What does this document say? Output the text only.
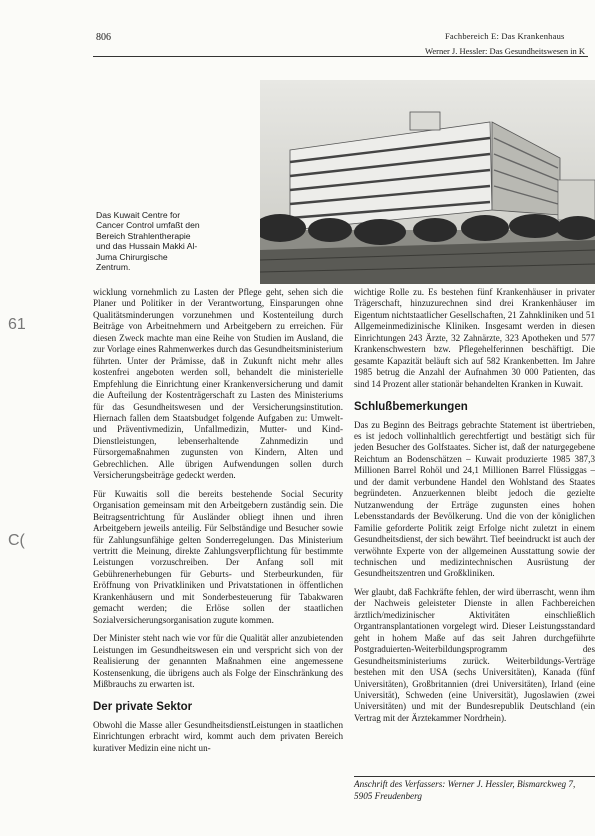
806	Fachbereich E: Das Krankenhaus
Werner J. Hessler: Das Gesundheitswesen in K
Das Kuwait Centre for Cancer Control umfaßt den Bereich Strahlentherapie und das Hussain Makki Al-Juma Chirurgische Zentrum.
61
C(

wicklung vornehmlich zu Lasten der Pflege geht, sehen sich die Planer und Politiker in der Verantwortung, Einsparungen ohne Qualitätsminderungen vorzunehmen und Kostenteilung durch Beiträge von Arbeitnehmern und Arbeitgebern zu erreichen. Für diesen Zweck machte man eine Reihe von Studien im Ausland, die zur Vorlage eines Rahmenwerkes durch das Gesundheitsministerium führten. Unter der Prämisse, daß in Zukunft nicht mehr alles kostenfrei angeboten werden soll, behandelt die ministerielle Empfehlung die Einrichtung einer Krankenversicherung und damit die Aufteilung der Kostenträgerschaft zu Lasten des Ministeriums für das Gesundheitswesen und der Versicherungsinstitution. Hiernach fallen dem Staatsbudget folgende Aufgaben zu: Umwelt- und Präventivmedizin, Unfallmedizin, Mutter- und Kind-Dienstleistungen, lebenserhaltende Zahnmedizin und Fürsorgemaßnahmen zugunsten von Kindern, Alten und Gebrechlichen. Alle übrigen Aufwendungen sollen durch Versicherungsbeiträge gedeckt werden.

Für Kuwaitis soll die bereits bestehende Social Security Organisation gemeinsam mit den Arbeitgebern zuständig sein. Die Beitragsentrichtung für Ausländer obliegt ihnen und ihren Arbeitgebern jeweils anteilig. Für Selbständige und Besucher sowie für Zahlungsunfähige gelten Sonderregelungen. Das Ministerium vertritt die Meinung, direkte Zahlungsverpflichtung für bestimmte Leistungen vorzuschreiben. Der Anfang soll mit Gebührenerhebungen für Geburts- und Sterbeurkunden, für Eröffnung von Privatkliniken und Privatstationen in öffentlichen Krankenhäusern und mit Sonderbesteuerung für Tabakwaren gemacht werden; die Erlöse sollen der staatlichen Sozialversicherungsorganisation zugute kommen.

Der Minister steht nach wie vor für die Qualität aller anzubietenden Leistungen im Gesundheitswesen ein und verspricht sich von der Realisierung der genannten Maßnahmen eine angemessene Kostensenkung, die übrigens auch als Folge der Einschränkung des Mißbrauchs zu erwarten ist.

Der private Sektor

Obwohl die Masse aller GesundheitsdienstLeistungen in staatlichen Einrichtungen erbracht wird, kommt auch dem privaten Bereich kurativer Medizin eine nicht un-

wichtige Rolle zu. Es bestehen fünf Krankenhäuser in privater Trägerschaft, hinzuzurechnen sind drei Krankenhäuser im Eigentum nichtstaatlicher Gesellschaften, 21 Zahnkliniken und 51 Allgemeinmedizinische Kliniken. Insgesamt werden in diesen Einrichtungen 243 Ärzte, 32 Zahnärzte, 323 Apotheken und 577 Krankenschwestern bzw. Pflegehelferinnen beschäftigt. Die gesamte Kapazität beläuft sich auf 582 Krankenbetten. Im Jahre 1985 betrug die Anzahl der Aufnahmen 30 000 Patienten, das sind 14 Prozent aller stationär behandelten Kranken in Kuwait.

Schlußbemerkungen

Das zu Beginn des Beitrags gebrachte Statement ist übertrieben, es ist jedoch vollinhaltlich gerechtfertigt und bestätigt sich für jeden Besucher des Golfstaates. Sicher ist, daß der naturgegebene Reichtum an Bodenschätzen – Kuwait produzierte 1985 387,3 Millionen Barrel Rohöl und 24,1 Millionen Barrel Flüssiggas – und der damit verbundene Handel den Wohlstand des Staates begründeten. Anzuerkennen bleibt jedoch die gezielte Nutzanwendung der Erträge zugunsten eines hohen Lebensstandards der Bevölkerung. Und die von der königlichen Familie geforderte Politik zeigt Erfolge nicht zuletzt in einem Gesundheitsdienst, der sich bewährt. Tief beeindruckt ist auch der verwöhnte Experte von der allgemeinen Ausstattung sowie der technischen und medizintechnischen Ausrüstung der Gesundheitszentren und Großkliniken.

Wer glaubt, daß Fachkräfte fehlen, der wird überrascht, wenn ihm der Nachweis geleisteter Dienste in allen Fachbereichen ärztlich/medizinischer Aktivitäten einschließlich Organtransplantationen vorgelegt wird. Dieser Leistungsstandard geht in hohem Maße auf das seit Jahren durchgeführte Postgraduierten-Weiterbildungsprogramm des Gesundheitsministeriums zurück. Weiterbildungs-Verträge bestehen mit den USA (sechs Universitäten), Kanada (fünf Universitäten), Großbritannien (drei Universitäten), Irland (eine Universität), Schweden (eine Universität), Jugoslawien (zwei Universitäten) und mit der Bundesrepublik Deutschland (ein Vertrag mit der Ärztekammer Nordrhein).

Anschrift des Verfassers: Werner J. Hessler, Bismarckweg 7, 5905 Freudenberg
